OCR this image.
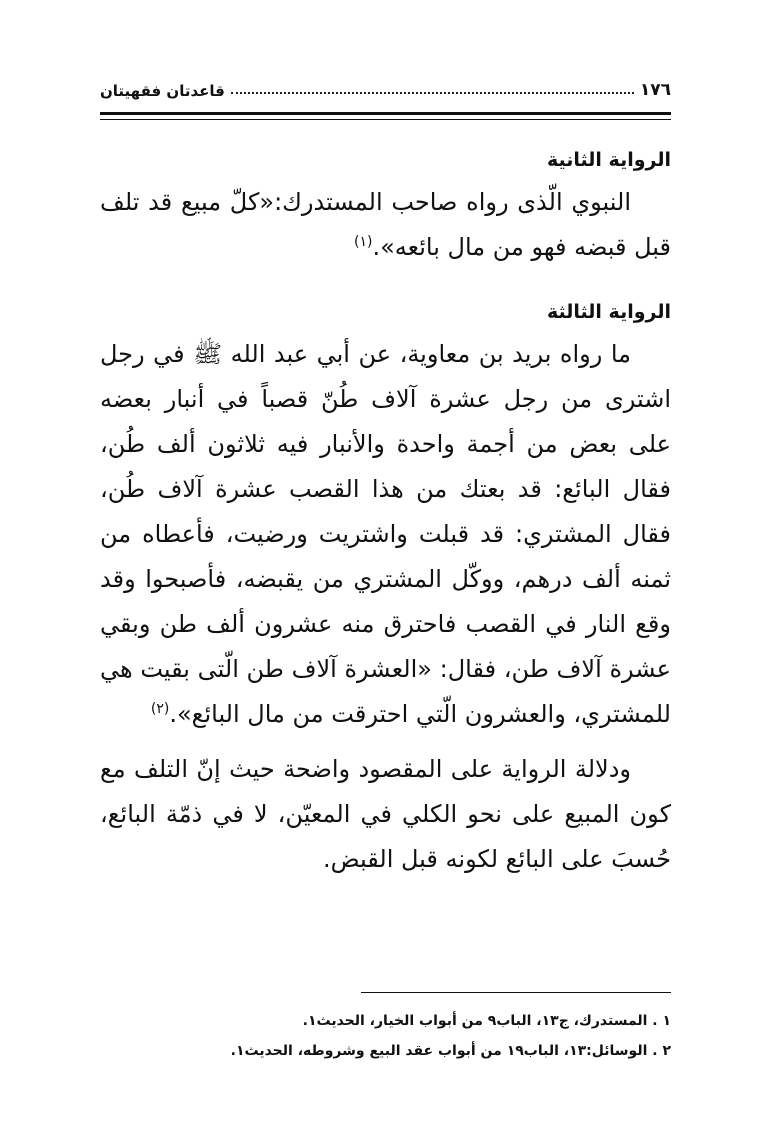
١٧٦
قاعدتان فقهيتان

الرواية الثانية

النبوي الّذى رواه صاحب المستدرك:«كلّ مبيع قد تلف قبل قبضه فهو من مال بائعه».$^{(١)}$

الرواية الثالثة

ما رواه بريد بن معاوية، عن أبي عبد الله ﷺ في رجل اشترى من رجل عشرة آلاف طُنّ قصباً في أنبار بعضه على بعض من أجمة واحدة والأنبار فيه ثلاثون ألف طُن، فقال البائع: قد بعتك من هذا القصب عشرة آلاف طُن، فقال المشتري: قد قبلت واشتريت ورضيت، فأعطاه من ثمنه ألف درهم، ووكّل المشتري من يقبضه، فأصبحوا وقد وقع النار في القصب فاحترق منه عشرون ألف طن وبقي عشرة آلاف طن، فقال: «العشرة آلاف طن الّتى بقيت هي للمشتري، والعشرون الّتي احترقت من مال البائع».$^{(٢)}$

ودلالة الرواية على المقصود واضحة حيث إنّ التلف مع كون المبيع على نحو الكلي في المعيّن، لا في ذمّة البائع، حُسبَ على البائع لكونه قبل القبض.

١ . المستدرك، ج١٣، الباب٩ من أبواب الخيار، الحديث١.
٢ . الوسائل:١٣، الباب١٩ من أبواب عقد البيع وشروطه، الحديث١.
